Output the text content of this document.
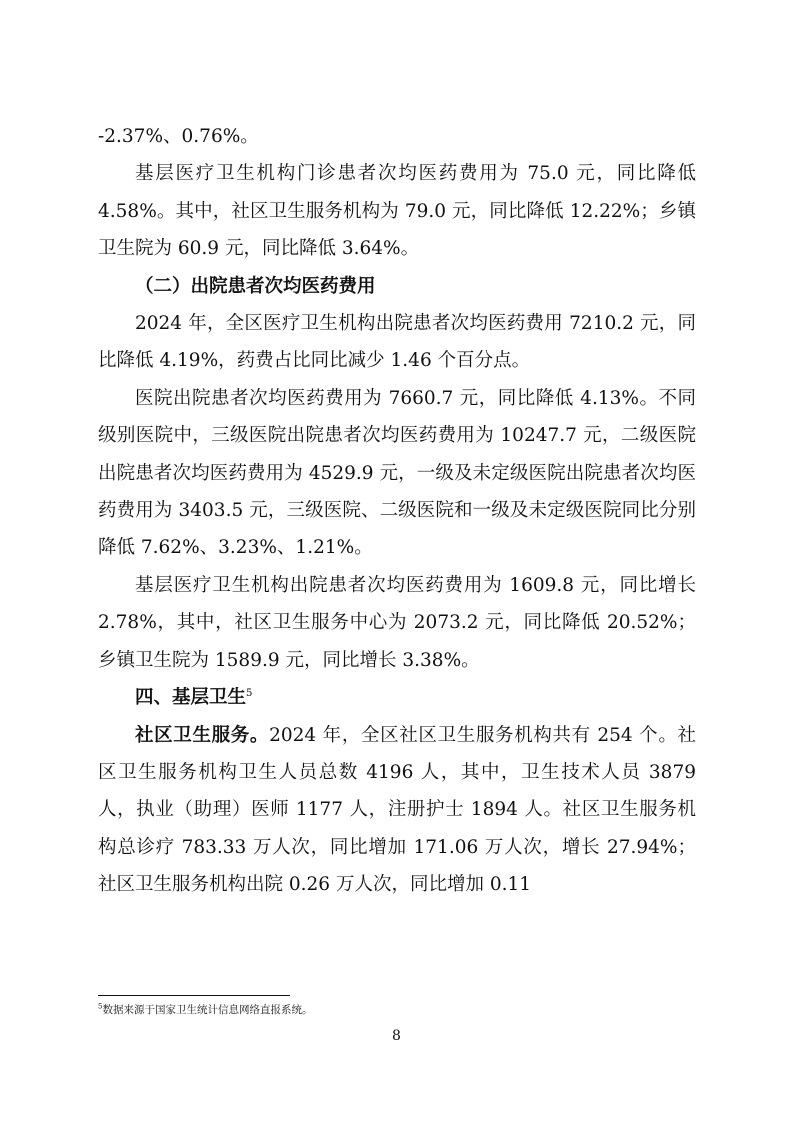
-2.37%、0.76%。

基层医疗卫生机构门诊患者次均医药费用为 75.0 元，同比降低 4.58%。其中，社区卫生服务机构为 79.0 元，同比降低 12.22%；乡镇卫生院为 60.9 元，同比降低 3.64%。

（二）出院患者次均医药费用

2024 年，全区医疗卫生机构出院患者次均医药费用 7210.2 元，同比降低 4.19%，药费占比同比减少 1.46 个百分点。

医院出院患者次均医药费用为 7660.7 元，同比降低 4.13%。不同级别医院中，三级医院出院患者次均医药费用为 10247.7 元，二级医院出院患者次均医药费用为 4529.9 元，一级及未定级医院出院患者次均医药费用为 3403.5 元，三级医院、二级医院和一级及未定级医院同比分别降低 7.62%、3.23%、1.21%。

基层医疗卫生机构出院患者次均医药费用为 1609.8 元，同比增长 2.78%，其中，社区卫生服务中心为 2073.2 元，同比降低 20.52%；乡镇卫生院为 1589.9 元，同比增长 3.38%。

四、基层卫生$^5$

社区卫生服务。2024 年，全区社区卫生服务机构共有 254 个。社区卫生服务机构卫生人员总数 4196 人，其中，卫生技术人员 3879 人，执业（助理）医师 1177 人，注册护士 1894 人。社区卫生服务机构总诊疗 783.33 万人次，同比增加 171.06 万人次，增长 27.94%；社区卫生服务机构出院 0.26 万人次，同比增加 0.11

$^5$数据来源于国家卫生统计信息网络直报系统。

8
